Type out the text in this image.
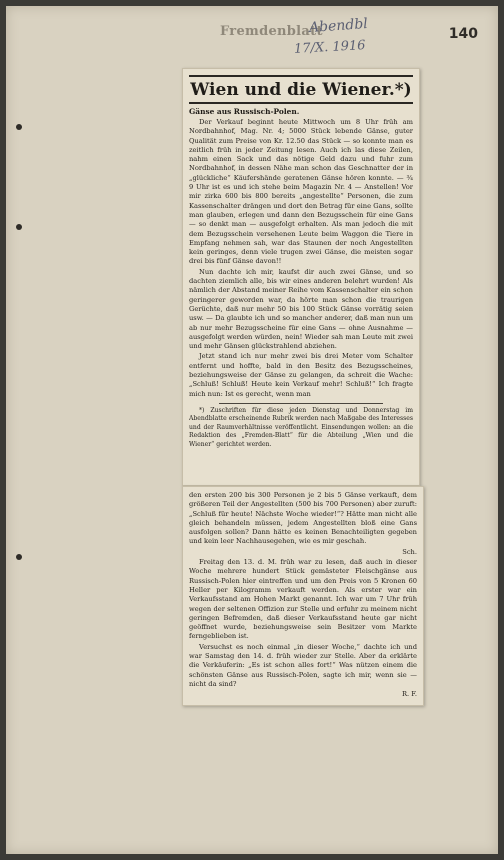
Fremdenblatt
Abendbl
17/X. 1916
140
Wien und die Wiener.*)
Gänse aus Russisch-Polen.

Der Verkauf beginnt heute Mittwoch um 8 Uhr früh am Nordbahnhof, Mag. Nr. 4; 5000 Stück lebende Gänse, guter Qualität zum Preise von Kr. 12.50 das Stück — so konnte man es zeitlich früh in jeder Zeitung lesen. Auch ich las diese Zeilen, nahm einen Sack und das nötige Geld dazu und fuhr zum Nordbahnhof, in dessen Nähe man schon das Geschnatter der in „glückliche“ Käufershände geratenen Gänse hören konnte. — ¾ 9 Uhr ist es und ich stehe beim Magazin Nr. 4 — Anstellen! Vor mir zirka 600 bis 800 bereits „angestellte“ Personen, die zum Kassenschalter drängen und dort den Betrag für eine Gans, sollte man glauben, erlegen und dann den Bezugsschein für eine Gans — so denkt man — ausgefolgt erhalten. Als man jedoch die mit dem Bezugsschein versehenen Leute beim Waggon die Tiere in Empfang nehmen sah, war das Staunen der noch Angestellten kein geringes, denn viele trugen zwei Gänse, die meisten sogar drei bis fünf Gänse davon!!

Nun dachte ich mir, kaufst dir auch zwei Gänse, und so dachten ziemlich alle, bis wir eines anderen belehrt wurden! Als nämlich der Abstand meiner Reihe vom Kassenschalter ein schon geringerer geworden war, da hörte man schon die traurigen Gerüchte, daß nur mehr 50 bis 100 Stück Gänse vorrätig seien usw. — Da glaubte ich und so mancher anderer, daß man nun um ab nur mehr Bezugsscheine für eine Gans — ohne Ausnahme — ausgefolgt werden würden, nein! Wieder sah man Leute mit zwei und mehr Gänsen glückstrahlend abziehen.

Jetzt stand ich nur mehr zwei bis drei Meter vom Schalter entfernt und hoffte, bald in den Besitz des Bezugsscheines, beziehungsweise der Gänse zu gelangen, da schreit die Wache: „Schluß! Schluß! Heute kein Verkauf mehr! Schluß!“ Ich fragte mich nun: Ist es gerecht, wenn man

*) Zuschriften für diese jeden Dienstag und Donnerstag im Abendblatte erscheinende Rubrik werden nach Maßgabe des Interesses und der Raumverhältnisse veröffentlicht. Einsendungen wollen: an die Redaktion des „Fremden-Blatt“ für die Abteilung „Wien und die Wiener“ gerichtet werden.

den ersten 200 bis 300 Personen je 2 bis 5 Gänse verkauft, dem größeren Teil der Angestellten (500 bis 700 Personen) aber zuruft: „Schluß für heute! Nächste Woche wieder!“? Hätte man nicht alle gleich behandeln müssen, jedem Angestellten bloß eine Gans ausfolgen sollen? Dann hätte es keinen Benachteiligten gegeben und kein leer Nachhausegehen, wie es mir geschah.

Sch.

Freitag den 13. d. M. früh war zu lesen, daß auch in dieser Woche mehrere hundert Stück gemästeter Fleischgänse aus Russisch-Polen hier eintreffen und um den Preis von 5 Kronen 60 Heller per Kilogramm verkauft werden. Als erster war ein Verkaufsstand am Hohen Markt genannt. Ich war um 7 Uhr früh wegen der seltenen Offizion zur Stelle und erfuhr zu meinem nicht geringen Befremden, daß dieser Verkaufsstand heute gar nicht geöffnet wurde, beziehungsweise sein Besitzer vom Markte ferngeblieben ist.

Versuchst es noch einmal „in dieser Woche,“ dachte ich und war Samstag den 14. d. früh wieder zur Stelle. Aber da erklärte die Verkäuferin: „Es ist schon alles fort!“ Was nützen einem die schönsten Gänse aus Russisch-Polen, sagte ich mir, wenn sie — nicht da sind?

R. F.
